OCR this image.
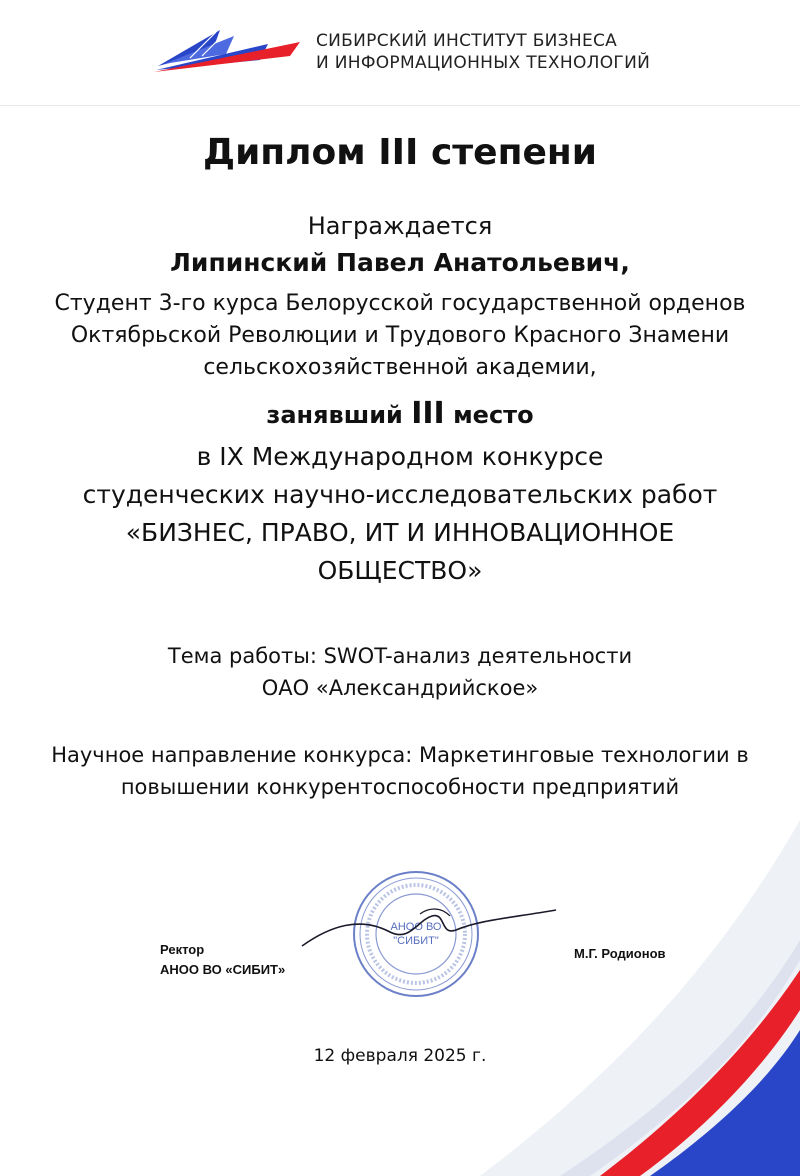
СИБИРСКИЙ ИНСТИТУТ БИЗНЕСА
И ИНФОРМАЦИОННЫХ ТЕХНОЛОГИЙ
Диплом III степени
Награждается
Липинский Павел Анатольевич,
Студент 3-го курса Белорусской государственной орденов
Октябрьской Революции и Трудового Красного Знамени
сельскохозяйственной академии,
занявший III место
в IX Международном конкурсе
студенческих научно-исследовательских работ
«БИЗНЕС, ПРАВО, ИТ И ИННОВАЦИОННОЕ
ОБЩЕСТВО»
Тема работы: SWOT-анализ деятельности
ОАО «Александрийское»
Научное направление конкурса: Маркетинговые технологии в
повышении конкурентоспособности предприятий
АНОО ВО
"СИБИТ"
Ректор
АНОО ВО «СИБИТ»
М.Г. Родионов
12 февраля 2025 г.
